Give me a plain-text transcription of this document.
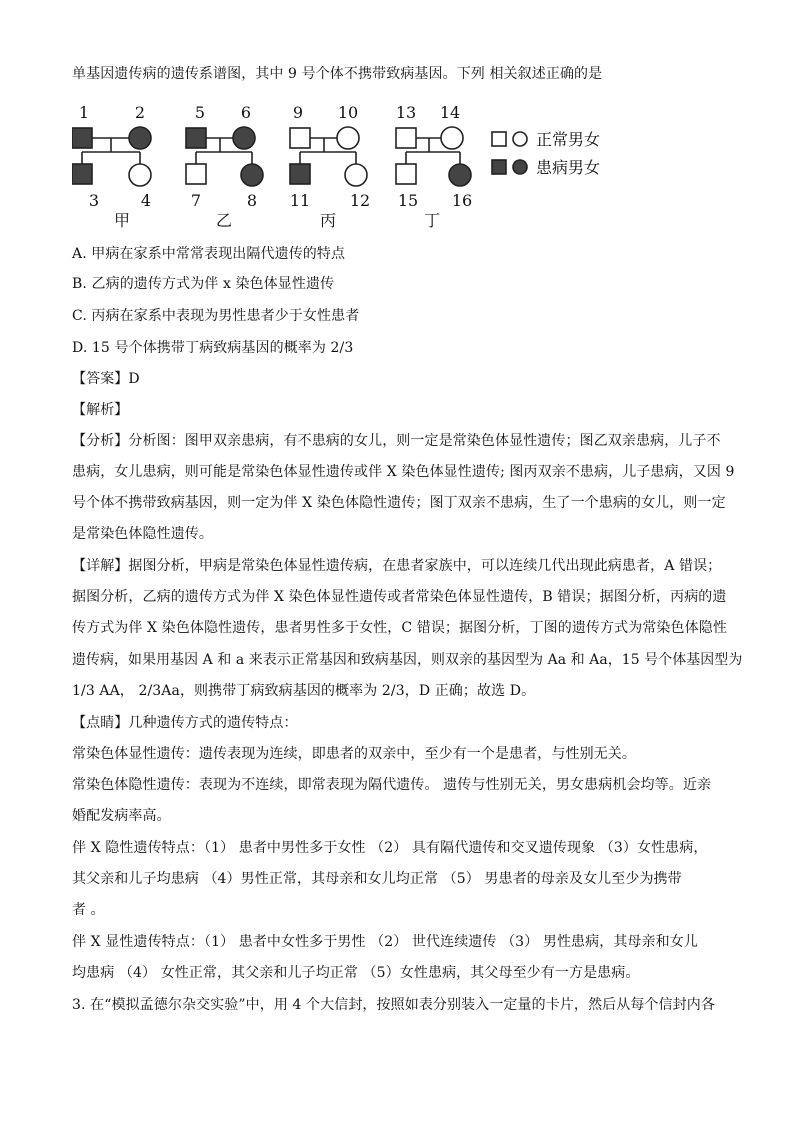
单基因遗传病的遗传系谱图，其中 9 号个体不携带致病基因。下列 相关叙述正确的是
1	2
3	4
5 6
7	8
9 10
11 12
13 14
15 16
甲	乙	丙	丁
正常男女
患病男女
A. 甲病在家系中常常表现出隔代遗传的特点
B. 乙病的遗传方式为伴 x 染色体显性遗传
C. 丙病在家系中表现为男性患者少于女性患者
D. 15 号个体携带丁病致病基因的概率为 2/3
【答案】D
【解析】
【分析】分析图：图甲双亲患病，有不患病的女儿，则一定是常染色体显性遗传；图乙双亲患病，儿子不
患病，女儿患病，则可能是常染色体显性遗传或伴 X 染色体显性遗传; 图丙双亲不患病，儿子患病，又因 9
号个体不携带致病基因，则一定为伴 X 染色体隐性遗传；图丁双亲不患病，生了一个患病的女儿，则一定
是常染色体隐性遗传。
【详解】据图分析，甲病是常染色体显性遗传病，在患者家族中，可以连续几代出现此病患者，A 错误；
据图分析，乙病的遗传方式为伴 X 染色体显性遗传或者常染色体显性遗传，B 错误；据图分析，丙病的遗
传方式为伴 X 染色体隐性遗传，患者男性多于女性，C 错误；据图分析，丁图的遗传方式为常染色体隐性
遗传病，如果用基因 A 和 a 来表示正常基因和致病基因，则双亲的基因型为 Aa 和 Aa，15 号个体基因型为
1/3 AA， 2/3Aa，则携带丁病致病基因的概率为 2/3，D 正确；故选 D。
【点睛】几种遗传方式的遗传特点：
常染色体显性遗传：遗传表现为连续，即患者的双亲中，至少有一个是患者，与性别无关。
常染色体隐性遗传：表现为不连续，即常表现为隔代遗传。 遗传与性别无关，男女患病机会均等。近亲
婚配发病率高。
伴 X 隐性遗传特点：（1） 患者中男性多于女性 （2） 具有隔代遗传和交叉遗传现象 （3）女性患病，
其父亲和儿子均患病 （4）男性正常，其母亲和女儿均正常 （5） 男患者的母亲及女儿至少为携带
者 。
伴 X 显性遗传特点：（1） 患者中女性多于男性 （2） 世代连续遗传 （3） 男性患病，其母亲和女儿
均患病 （4） 女性正常，其父亲和儿子均正常 （5）女性患病，其父母至少有一方是患病。
3. 在“模拟孟德尔杂交实验”中，用 4 个大信封，按照如表分别装入一定量的卡片，然后从每个信封内各
